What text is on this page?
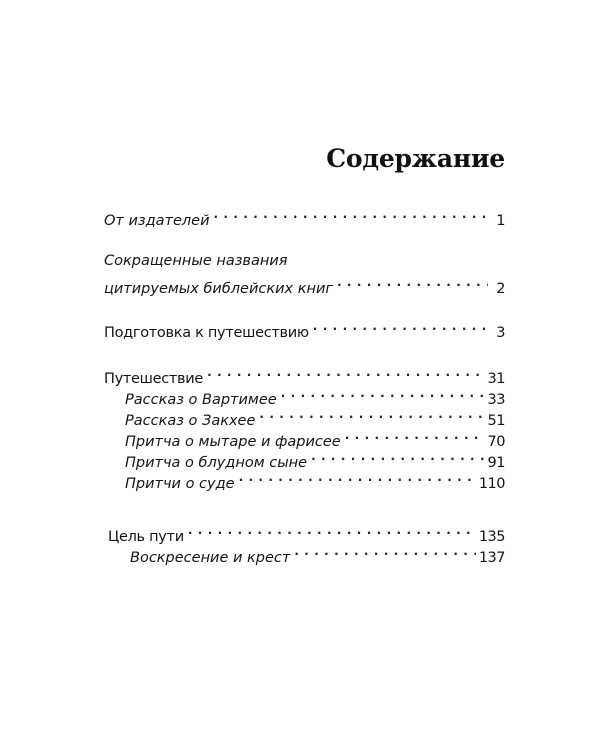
Содержание
От издателей . . .	1
Сокращенные названия
цитируемых библейских книг . . .	2
Подготовка к путешествию . . .	3
Путешествие . . .	31
Рассказ о Вартимее . . .	33
Рассказ о Закхее . . .	51
Притча о мытаре и фарисее . . .	70
Притча о блудном сыне . . .	91
Притчи о суде . . .	110
Цель пути . . .	135
Воскресение и крест . . .	137
